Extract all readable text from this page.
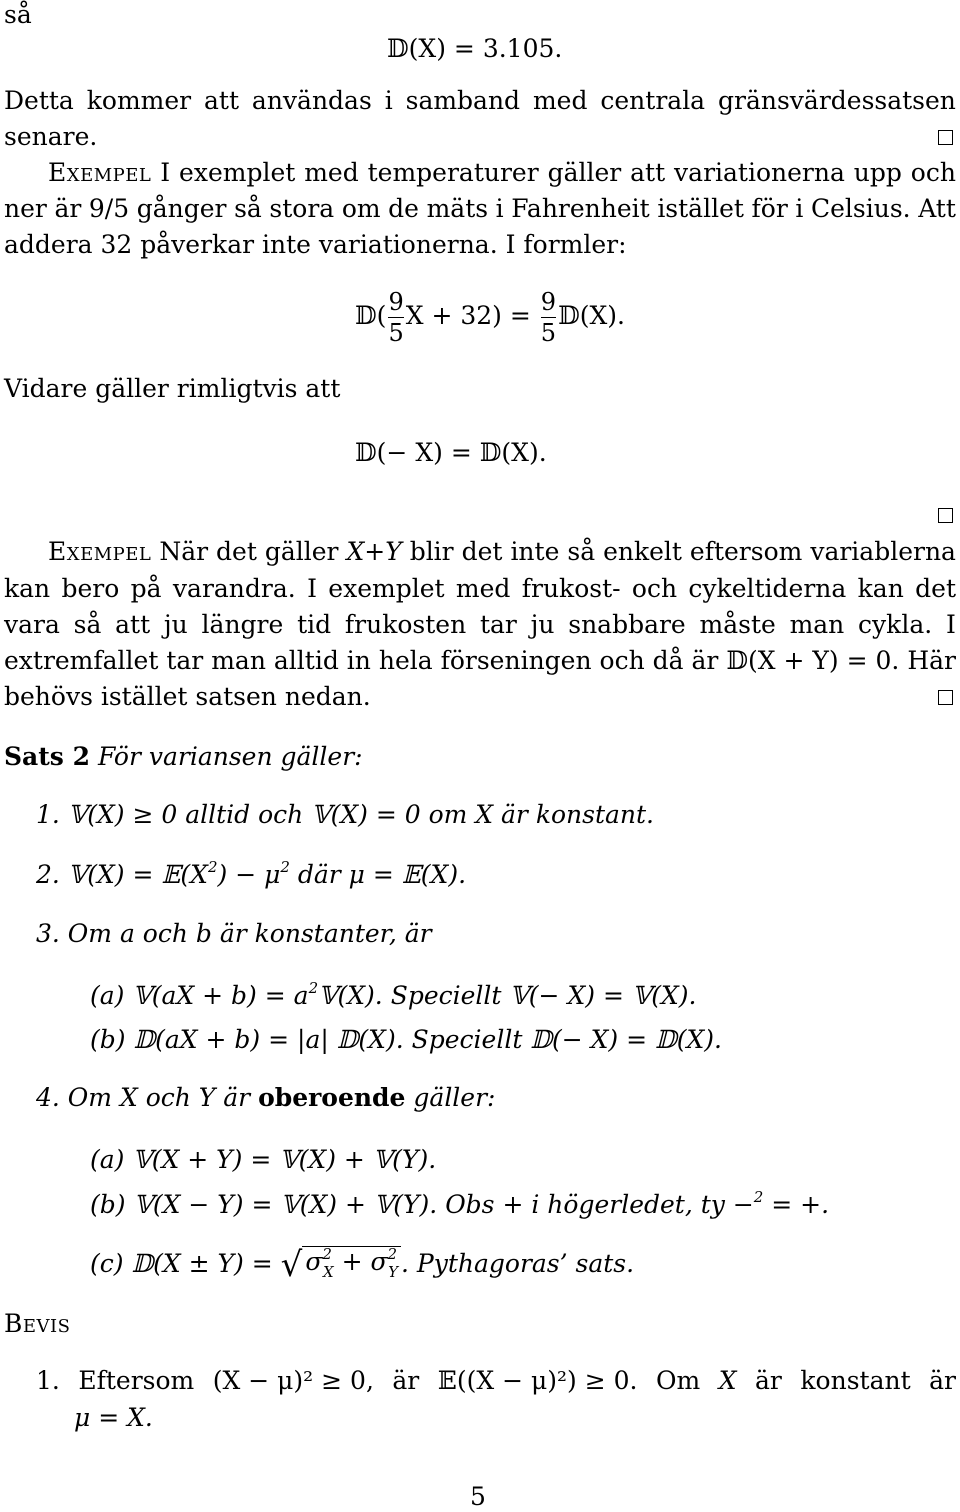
så
𝔻(X) = 3.105.
Detta kommer att användas i samband med centrala gränsvärdessatsen
senare.
Exempel I exemplet med temperaturer gäller att variationerna upp och
ner är 9/5 gånger så stora om de mäts i Fahrenheit istället för i Celsius. Att
addera 32 påverkar inte variationerna. I formler:
𝔻( $\frac{9}{5}$ $X + 32) = \frac{9}{5}$ 𝔻(X).
Vidare gäller rimligtvis att
𝔻(− X) = 𝔻(X).
Exempel När det gäller X+Y blir det inte så enkelt eftersom variablerna
kan bero på varandra. I exemplet med frukost- och cykeltiderna kan det
vara så att ju längre tid frukosten tar ju snabbare måste man cykla. I
extremfallet tar man alltid in hela förseningen och då är 𝔻(X + Y) = 0. Här
behövs istället satsen nedan.
Sats 2 För variansen gäller:
1. 𝕍(X) ≥ 0 alltid och 𝕍(X) = 0 om X är konstant.
2. 𝕍(X) = $𝔼(X^2) - \mu^2$ där μ = 𝔼(X).
3. Om a och b är konstanter, är
(a) 𝕍(aX + $b) = a^2𝕍(X)$. Speciellt 𝕍(− X) = 𝕍(X).
(b) 𝔻(aX + b) = |a| 𝔻(X). Speciellt 𝔻(− X) = 𝔻(X).
4. Om X och Y är oberoende gäller:
(a) 𝕍(X + Y) = 𝕍(X) + 𝕍(Y).
(b) 𝕍(X − Y) = 𝕍(X) + 𝕍(Y). Obs + i högerledet, ty −$^2$ = +.
(c) 𝔻(X ± Y) = √ $\sigma^2_X + \sigma^2_Y$ . Pythagoras’ sats.
Bevis
1. Eftersom (X − μ)² ≥ 0, är 𝔼((X − μ)²) ≥ 0. Om X är konstant är
μ = X.
5
